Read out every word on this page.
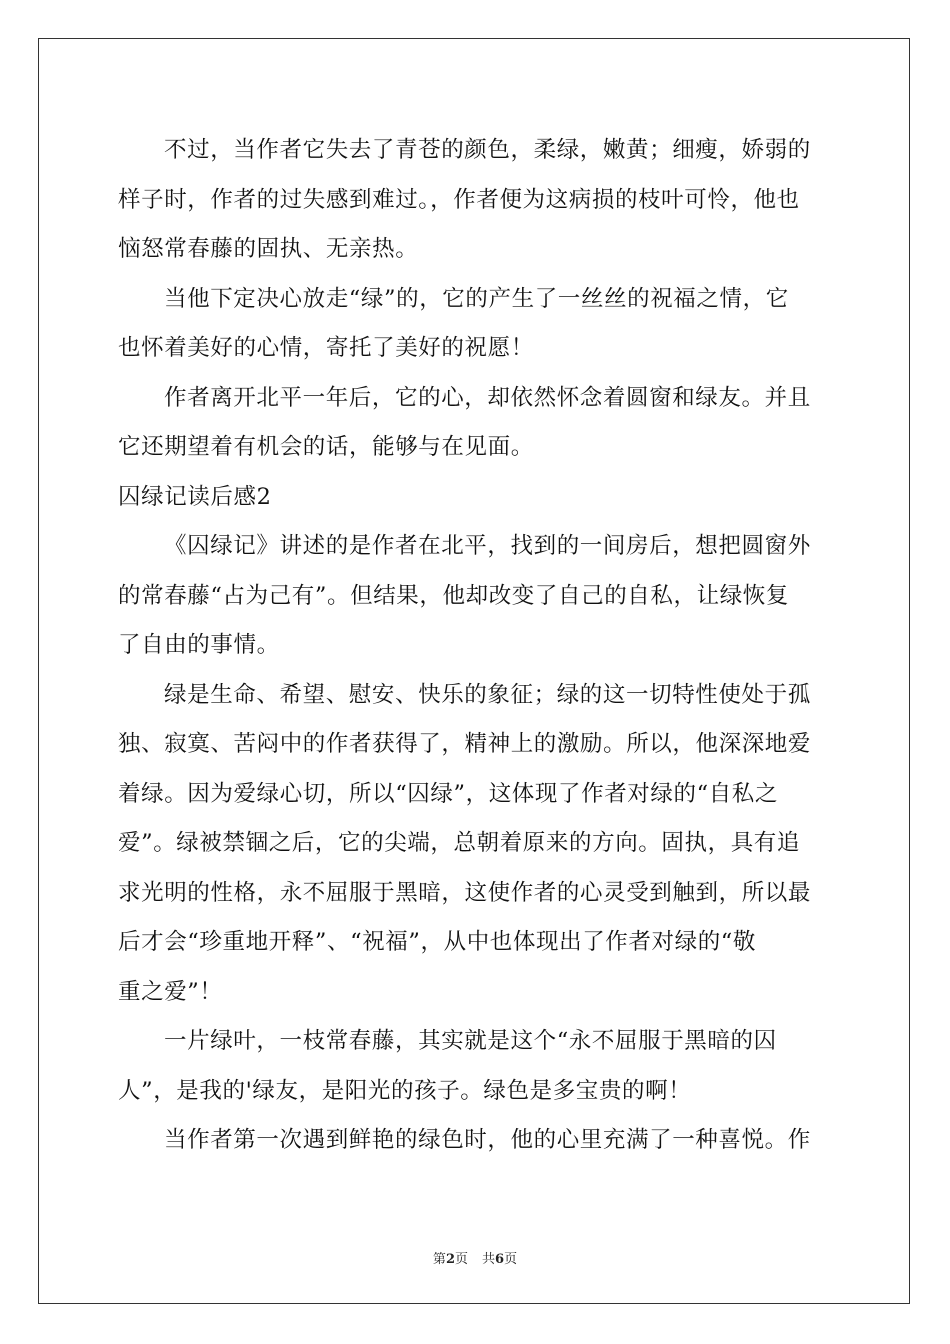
不过，当作者它失去了青苍的颜色，柔绿，嫩黄；细瘦，娇弱的
样子时，作者的过失感到难过。，作者便为这病损的枝叶可怜，他也
恼怒常春藤的固执、无亲热。
当他下定决心放走“绿”的，它的产生了一丝丝的祝福之情，它
也怀着美好的心情，寄托了美好的祝愿！
作者离开北平一年后，它的心，却依然怀念着圆窗和绿友。并且
它还期望着有机会的话，能够与在见面。
囚绿记读后感2
《囚绿记》讲述的是作者在北平，找到的一间房后，想把圆窗外
的常春藤“占为己有”。但结果，他却改变了自己的自私，让绿恢复
了自由的事情。
绿是生命、希望、慰安、快乐的象征；绿的这一切特性使处于孤
独、寂寞、苦闷中的作者获得了，精神上的激励。所以，他深深地爱
着绿。因为爱绿心切，所以“囚绿”，这体现了作者对绿的“自私之
爱”。绿被禁锢之后，它的尖端，总朝着原来的方向。固执，具有追
求光明的性格，永不屈服于黑暗，这使作者的心灵受到触到，所以最
后才会“珍重地开释”、“祝福”，从中也体现出了作者对绿的“敬
重之爱”！
一片绿叶，一枝常春藤，其实就是这个“永不屈服于黑暗的囚
人”，是我的'绿友，是阳光的孩子。绿色是多宝贵的啊！
当作者第一次遇到鲜艳的绿色时，他的心里充满了一种喜悦。作
第2页 共6页
